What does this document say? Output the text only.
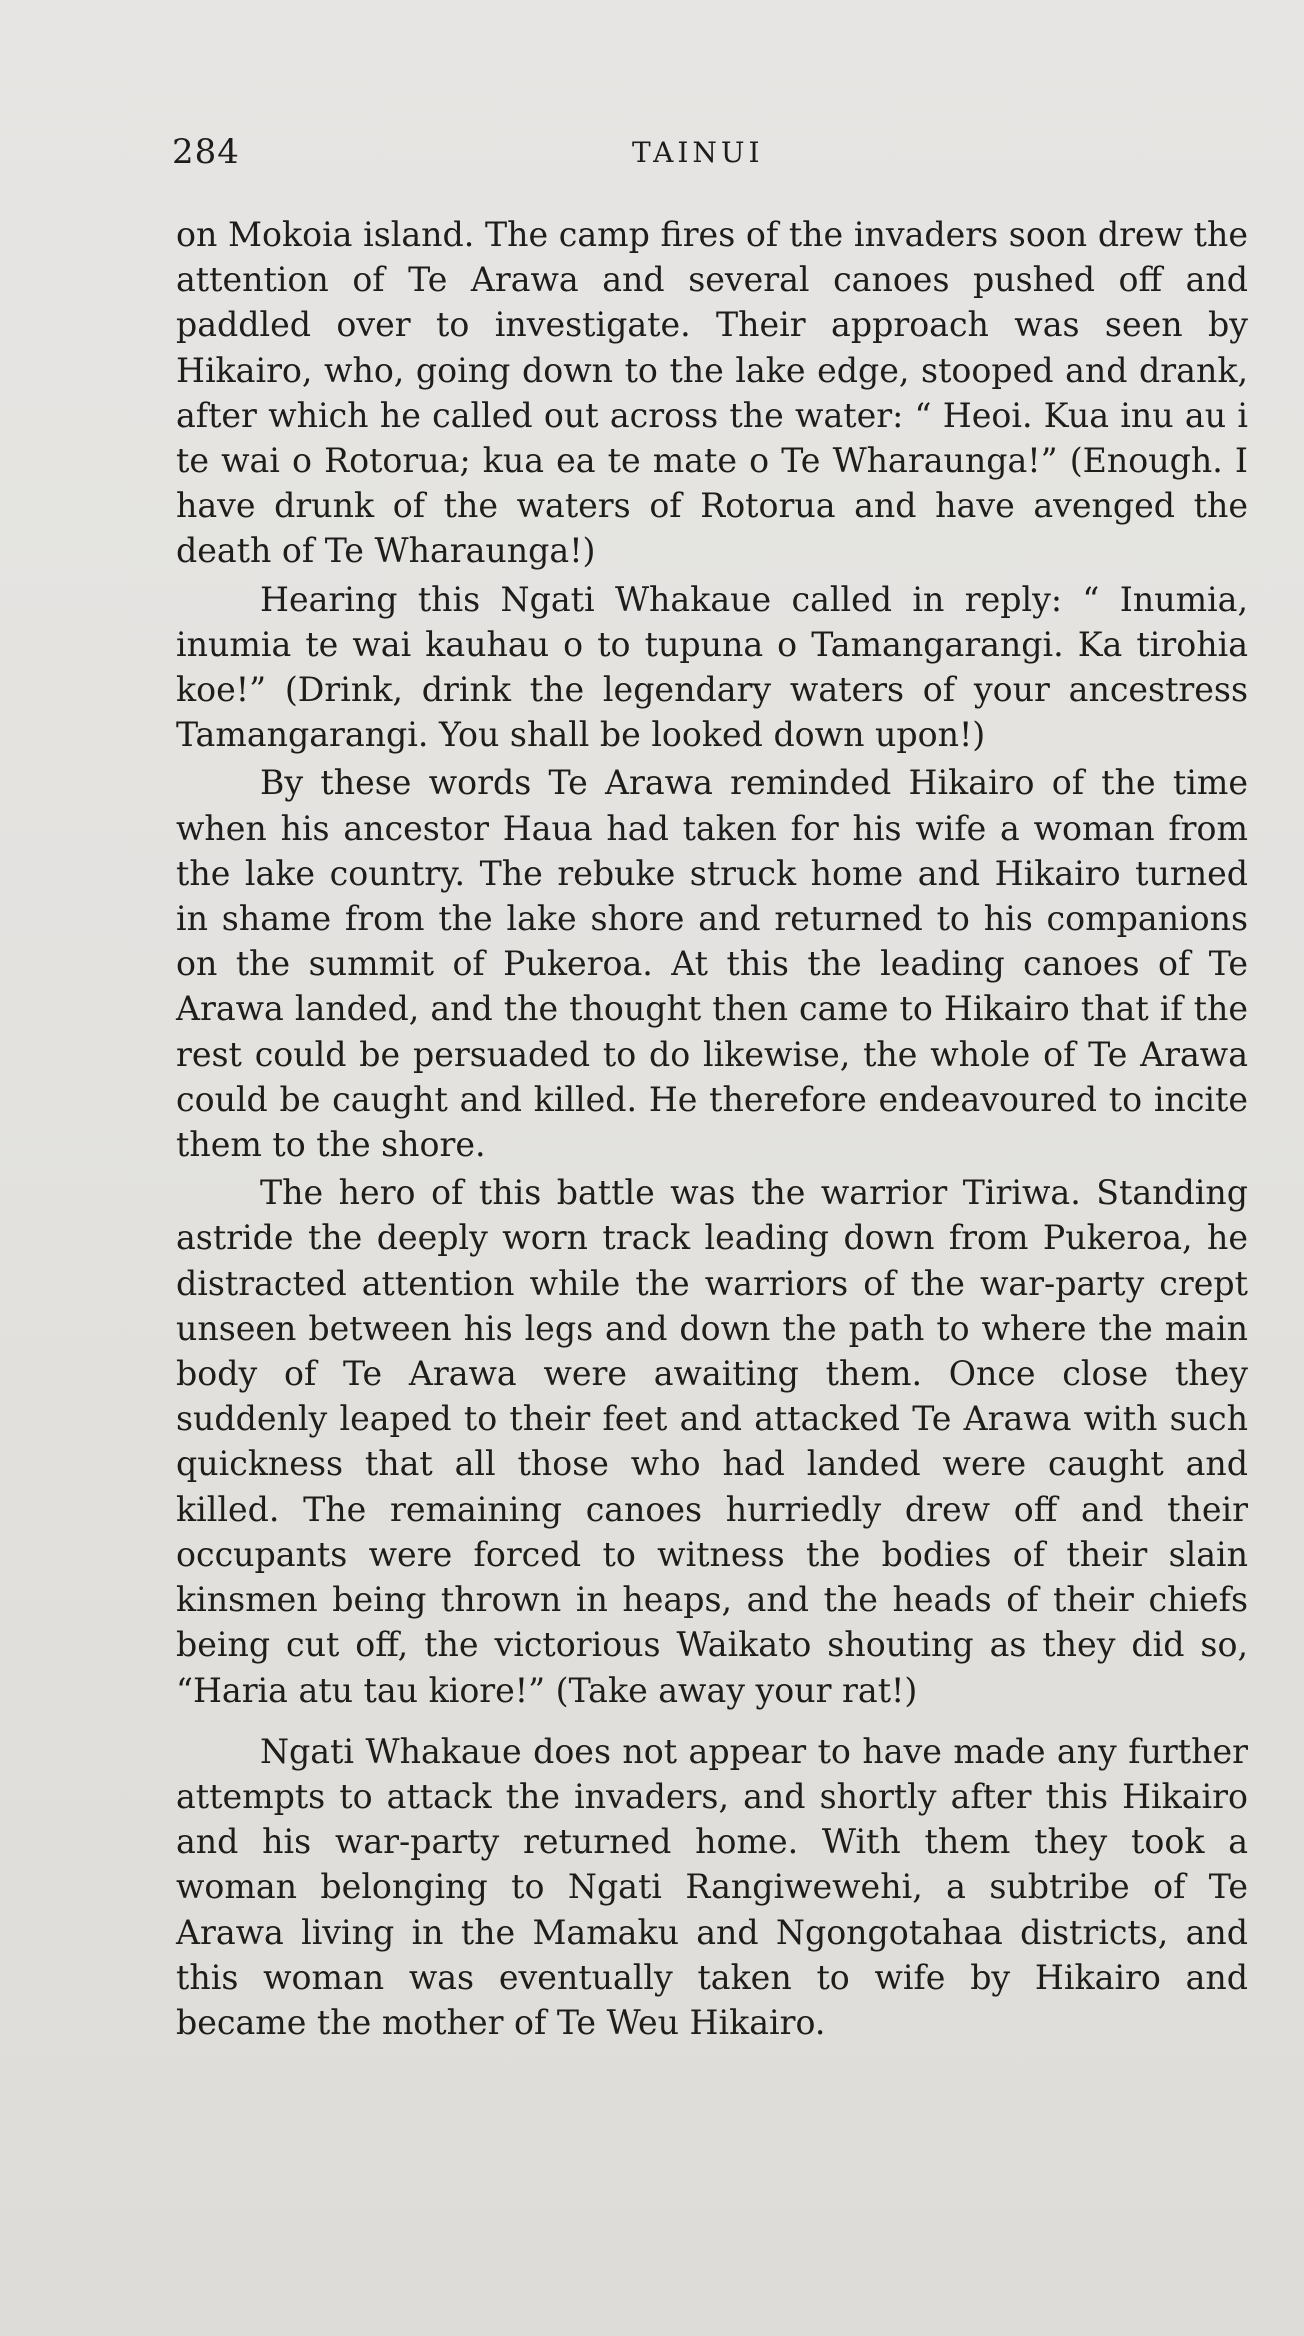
284	TAINUI

on Mokoia island. The camp fires of the invaders soon drew the attention of Te Arawa and several canoes pushed off and paddled over to investigate. Their approach was seen by Hikairo, who, going down to the lake edge, stooped and drank, after which he called out across the water: “ Heoi. Kua inu au i te wai o Rotorua; kua ea te mate o Te Wharaunga!” (Enough. I have drunk of the waters of Rotorua and have avenged the death of Te Wharaunga!)

Hearing this Ngati Whakaue called in reply: “ Inumia, inumia te wai kauhau o to tupuna o Tamangarangi. Ka tirohia koe!” (Drink, drink the legendary waters of your ancestress Tamangarangi. You shall be looked down upon!)

By these words Te Arawa reminded Hikairo of the time when his ancestor Haua had taken for his wife a woman from the lake country. The rebuke struck home and Hikairo turned in shame from the lake shore and returned to his companions on the summit of Pukeroa. At this the leading canoes of Te Arawa landed, and the thought then came to Hikairo that if the rest could be persuaded to do likewise, the whole of Te Arawa could be caught and killed. He therefore endeavoured to incite them to the shore.

The hero of this battle was the warrior Tiriwa. Standing astride the deeply worn track leading down from Pukeroa, he distracted attention while the warriors of the war-party crept unseen between his legs and down the path to where the main body of Te Arawa were awaiting them. Once close they suddenly leaped to their feet and attacked Te Arawa with such quickness that all those who had landed were caught and killed. The remaining canoes hurriedly drew off and their occupants were forced to witness the bodies of their slain kinsmen being thrown in heaps, and the heads of their chiefs being cut off, the victorious Waikato shouting as they did so, “Haria atu tau kiore!” (Take away your rat!)

Ngati Whakaue does not appear to have made any further attempts to attack the invaders, and shortly after this Hikairo and his war-party returned home. With them they took a woman belonging to Ngati Rangiwewehi, a subtribe of Te Arawa living in the Mamaku and Ngongotahaa districts, and this woman was eventually taken to wife by Hikairo and became the mother of Te Weu Hikairo.
